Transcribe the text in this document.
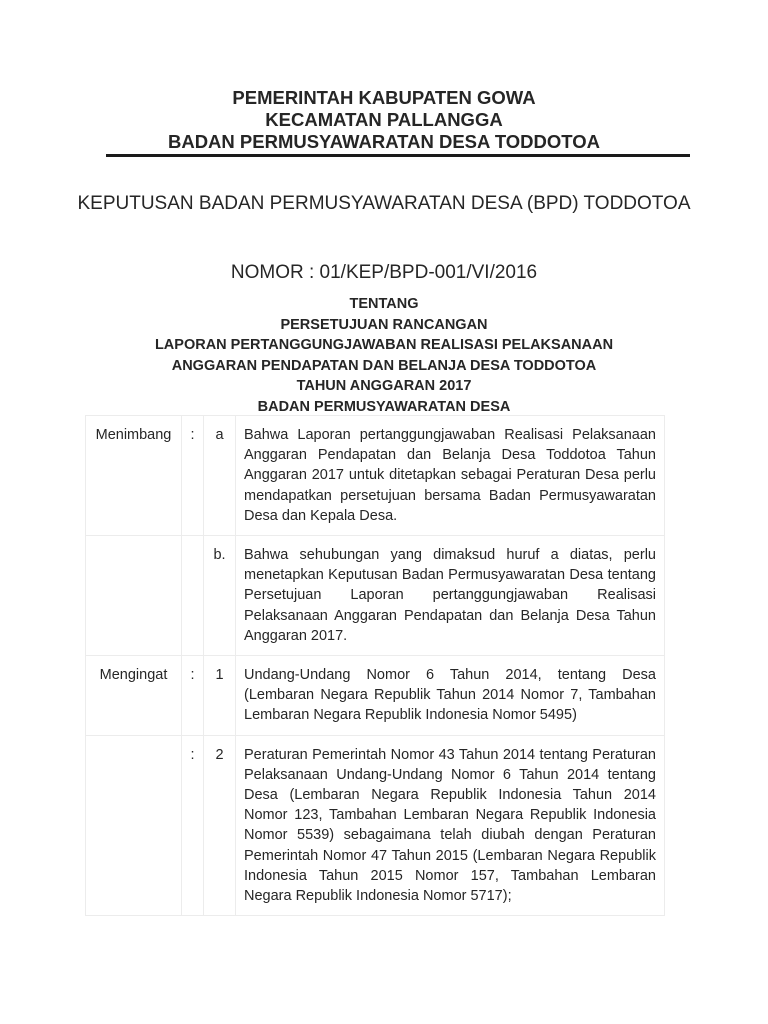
PEMERINTAH KABUPATEN GOWA
KECAMATAN PALLANGGA
BADAN PERMUSYAWARATAN DESA TODDOTOA
KEPUTUSAN BADAN PERMUSYAWARATAN DESA (BPD) TODDOTOA
NOMOR : 01/KEP/BPD-001/VI/2016
TENTANG
PERSETUJUAN RANCANGAN
LAPORAN PERTANGGUNGJAWABAN REALISASI PELAKSANAAN
ANGGARAN PENDAPATAN DAN BELANJA DESA TODDOTOA
TAHUN ANGGARAN 2017
BADAN PERMUSYAWARATAN DESA
Menimbang	:	a	Bahwa Laporan pertanggungjawaban Realisasi Pelaksanaan Anggaran Pendapatan dan Belanja Desa Toddotoa Tahun Anggaran 2017 untuk ditetapkan sebagai Peraturan Desa perlu mendapatkan persetujuan bersama Badan Permusyawaratan Desa dan Kepala Desa.
		b.	Bahwa sehubungan yang dimaksud huruf a diatas, perlu menetapkan Keputusan Badan Permusyawaratan Desa tentang Persetujuan Laporan pertanggungjawaban Realisasi Pelaksanaan Anggaran Pendapatan dan Belanja Desa Tahun Anggaran 2017.
Mengingat	:	1	Undang-Undang Nomor 6 Tahun 2014, tentang Desa (Lembaran Negara Republik Tahun 2014 Nomor 7, Tambahan Lembaran Negara Republik Indonesia Nomor 5495)
	:	2	Peraturan Pemerintah Nomor 43 Tahun 2014 tentang Peraturan Pelaksanaan Undang-Undang Nomor 6 Tahun 2014 tentang Desa (Lembaran Negara Republik Indonesia Tahun 2014 Nomor 123, Tambahan Lembaran Negara Republik Indonesia Nomor 5539) sebagaimana telah diubah dengan Peraturan Pemerintah Nomor 47 Tahun 2015 (Lembaran Negara Republik Indonesia Tahun 2015 Nomor 157, Tambahan Lembaran Negara Republik Indonesia Nomor 5717);
